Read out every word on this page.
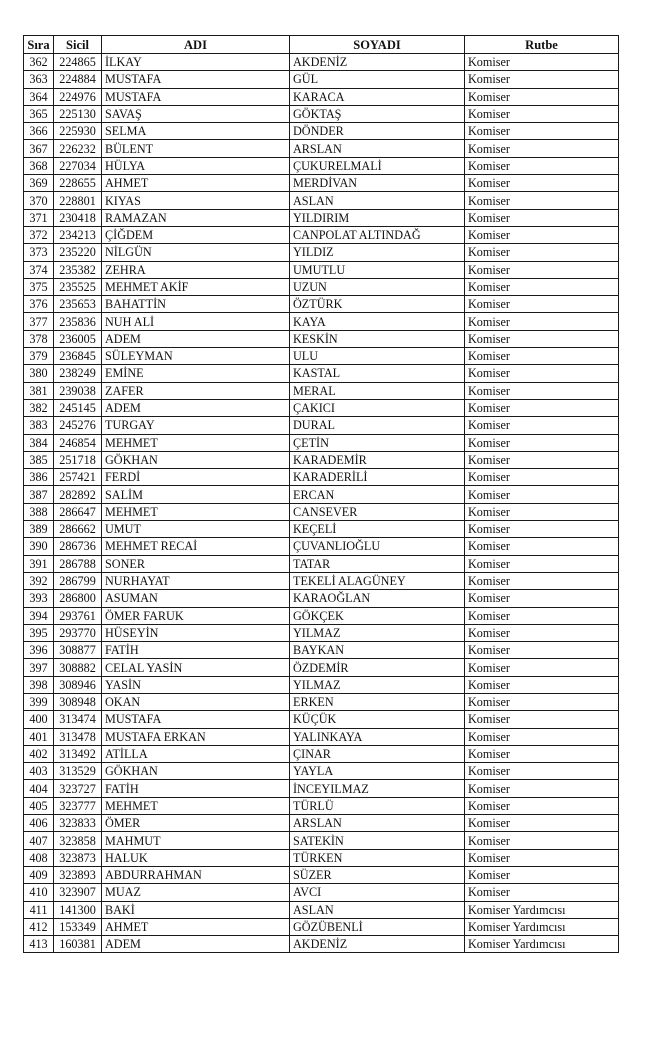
Sıra	Sicil	ADI	SOYADI	Rutbe
362	224865	İLKAY	AKDENİZ	Komiser
363	224884	MUSTAFA	GÜL	Komiser
364	224976	MUSTAFA	KARACA	Komiser
365	225130	SAVAŞ	GÖKTAŞ	Komiser
366	225930	SELMA	DÖNDER	Komiser
367	226232	BÜLENT	ARSLAN	Komiser
368	227034	HÜLYA	ÇUKURELMALİ	Komiser
369	228655	AHMET	MERDİVAN	Komiser
370	228801	KIYAS	ASLAN	Komiser
371	230418	RAMAZAN	YILDIRIM	Komiser
372	234213	ÇİĞDEM	CANPOLAT ALTINDAĞ	Komiser
373	235220	NİLGÜN	YILDIZ	Komiser
374	235382	ZEHRA	UMUTLU	Komiser
375	235525	MEHMET AKİF	UZUN	Komiser
376	235653	BAHATTİN	ÖZTÜRK	Komiser
377	235836	NUH ALİ	KAYA	Komiser
378	236005	ADEM	KESKİN	Komiser
379	236845	SÜLEYMAN	ULU	Komiser
380	238249	EMİNE	KASTAL	Komiser
381	239038	ZAFER	MERAL	Komiser
382	245145	ADEM	ÇAKICI	Komiser
383	245276	TURGAY	DURAL	Komiser
384	246854	MEHMET	ÇETİN	Komiser
385	251718	GÖKHAN	KARADEMİR	Komiser
386	257421	FERDİ	KARADERİLİ	Komiser
387	282892	SALİM	ERCAN	Komiser
388	286647	MEHMET	CANSEVER	Komiser
389	286662	UMUT	KEÇELİ	Komiser
390	286736	MEHMET RECAİ	ÇUVANLIOĞLU	Komiser
391	286788	SONER	TATAR	Komiser
392	286799	NURHAYAT	TEKELİ ALAGÜNEY	Komiser
393	286800	ASUMAN	KARAOĞLAN	Komiser
394	293761	ÖMER FARUK	GÖKÇEK	Komiser
395	293770	HÜSEYİN	YILMAZ	Komiser
396	308877	FATİH	BAYKAN	Komiser
397	308882	CELAL YASİN	ÖZDEMİR	Komiser
398	308946	YASİN	YILMAZ	Komiser
399	308948	OKAN	ERKEN	Komiser
400	313474	MUSTAFA	KÜÇÜK	Komiser
401	313478	MUSTAFA ERKAN	YALINKAYA	Komiser
402	313492	ATİLLA	ÇINAR	Komiser
403	313529	GÖKHAN	YAYLA	Komiser
404	323727	FATİH	İNCEYILMAZ	Komiser
405	323777	MEHMET	TÜRLÜ	Komiser
406	323833	ÖMER	ARSLAN	Komiser
407	323858	MAHMUT	SATEKİN	Komiser
408	323873	HALUK	TÜRKEN	Komiser
409	323893	ABDURRAHMAN	SÜZER	Komiser
410	323907	MUAZ	AVCI	Komiser
411	141300	BAKİ	ASLAN	Komiser Yardımcısı
412	153349	AHMET	GÖZÜBENLİ	Komiser Yardımcısı
413	160381	ADEM	AKDENİZ	Komiser Yardımcısı
